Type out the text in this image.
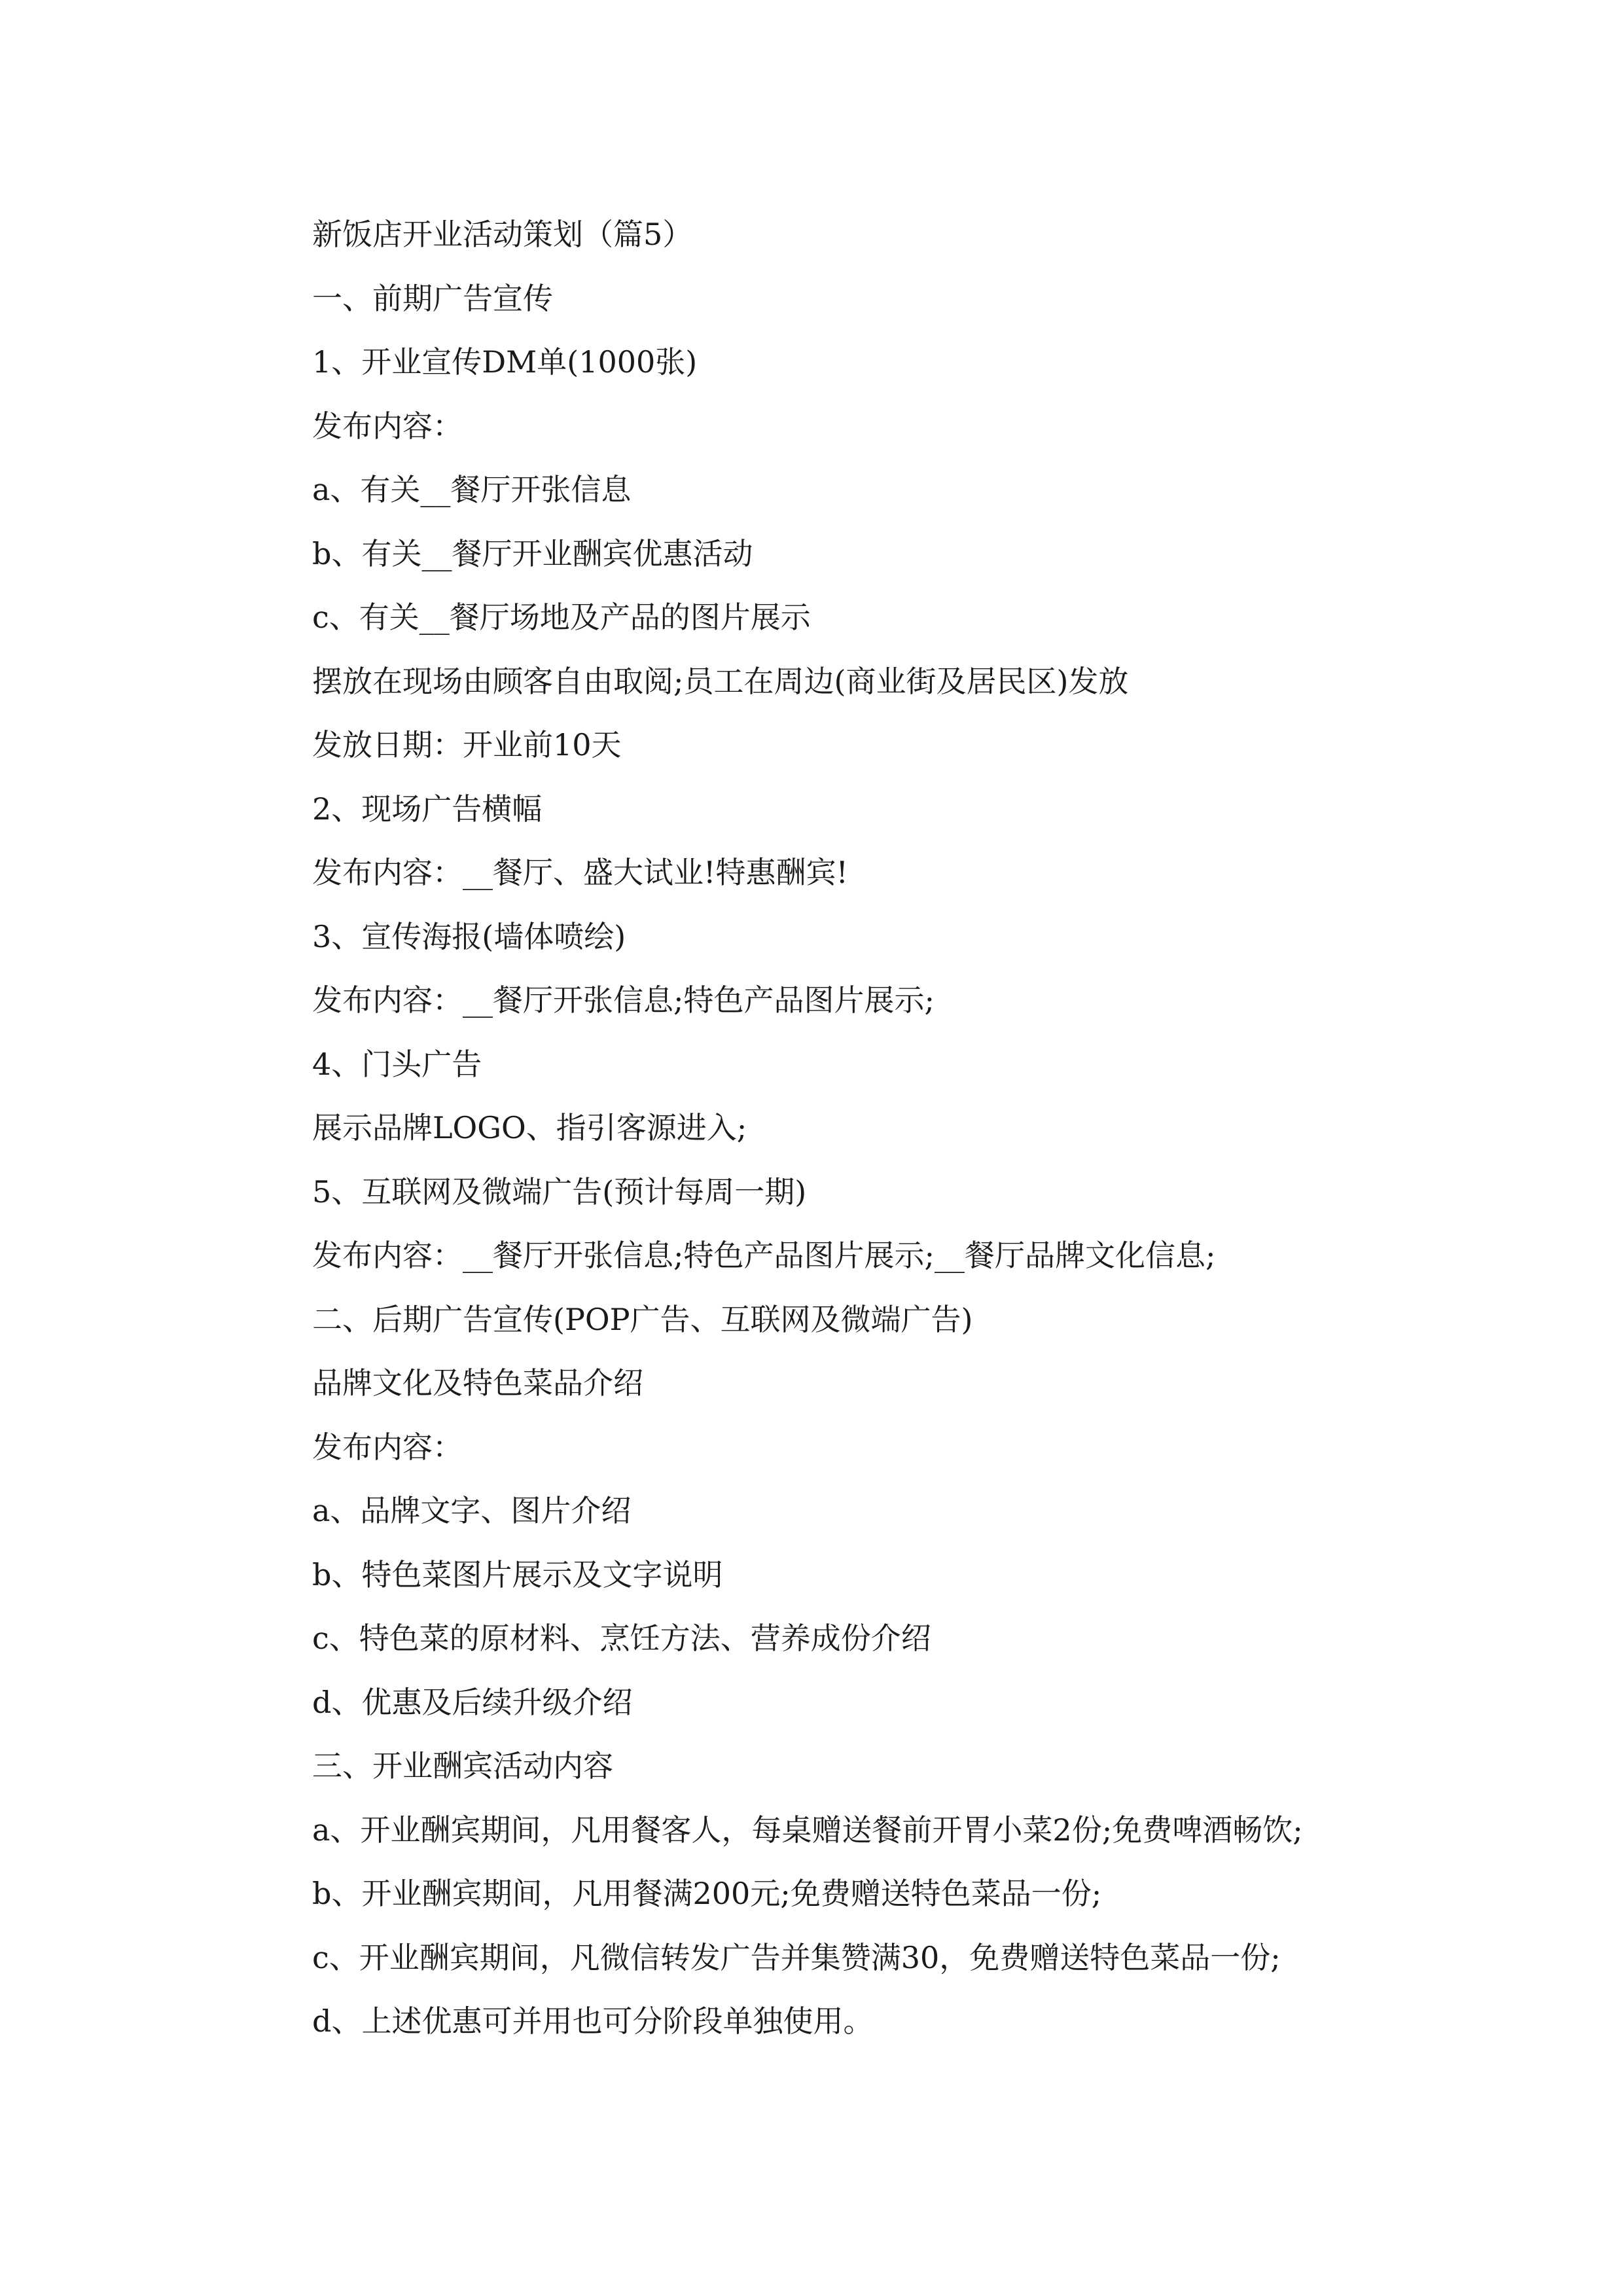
新饭店开业活动策划（篇5）
一、前期广告宣传
1、开业宣传DM单(1000张)
发布内容：
a、有关__餐厅开张信息
b、有关__餐厅开业酬宾优惠活动
c、有关__餐厅场地及产品的图片展示
摆放在现场由顾客自由取阅;员工在周边(商业街及居民区)发放
发放日期：开业前10天
2、现场广告横幅
发布内容：__餐厅、盛大试业!特惠酬宾!
3、宣传海报(墙体喷绘)
发布内容：__餐厅开张信息;特色产品图片展示;
4、门头广告
展示品牌LOGO、指引客源进入;
5、互联网及微端广告(预计每周一期)
发布内容：__餐厅开张信息;特色产品图片展示;__餐厅品牌文化信息;
二、后期广告宣传(POP广告、互联网及微端广告)
品牌文化及特色菜品介绍
发布内容：
a、品牌文字、图片介绍
b、特色菜图片展示及文字说明
c、特色菜的原材料、烹饪方法、营养成份介绍
d、优惠及后续升级介绍
三、开业酬宾活动内容
a、开业酬宾期间，凡用餐客人，每桌赠送餐前开胃小菜2份;免费啤酒畅饮;
b、开业酬宾期间，凡用餐满200元;免费赠送特色菜品一份;
c、开业酬宾期间，凡微信转发广告并集赞满30，免费赠送特色菜品一份;
d、上述优惠可并用也可分阶段单独使用。
